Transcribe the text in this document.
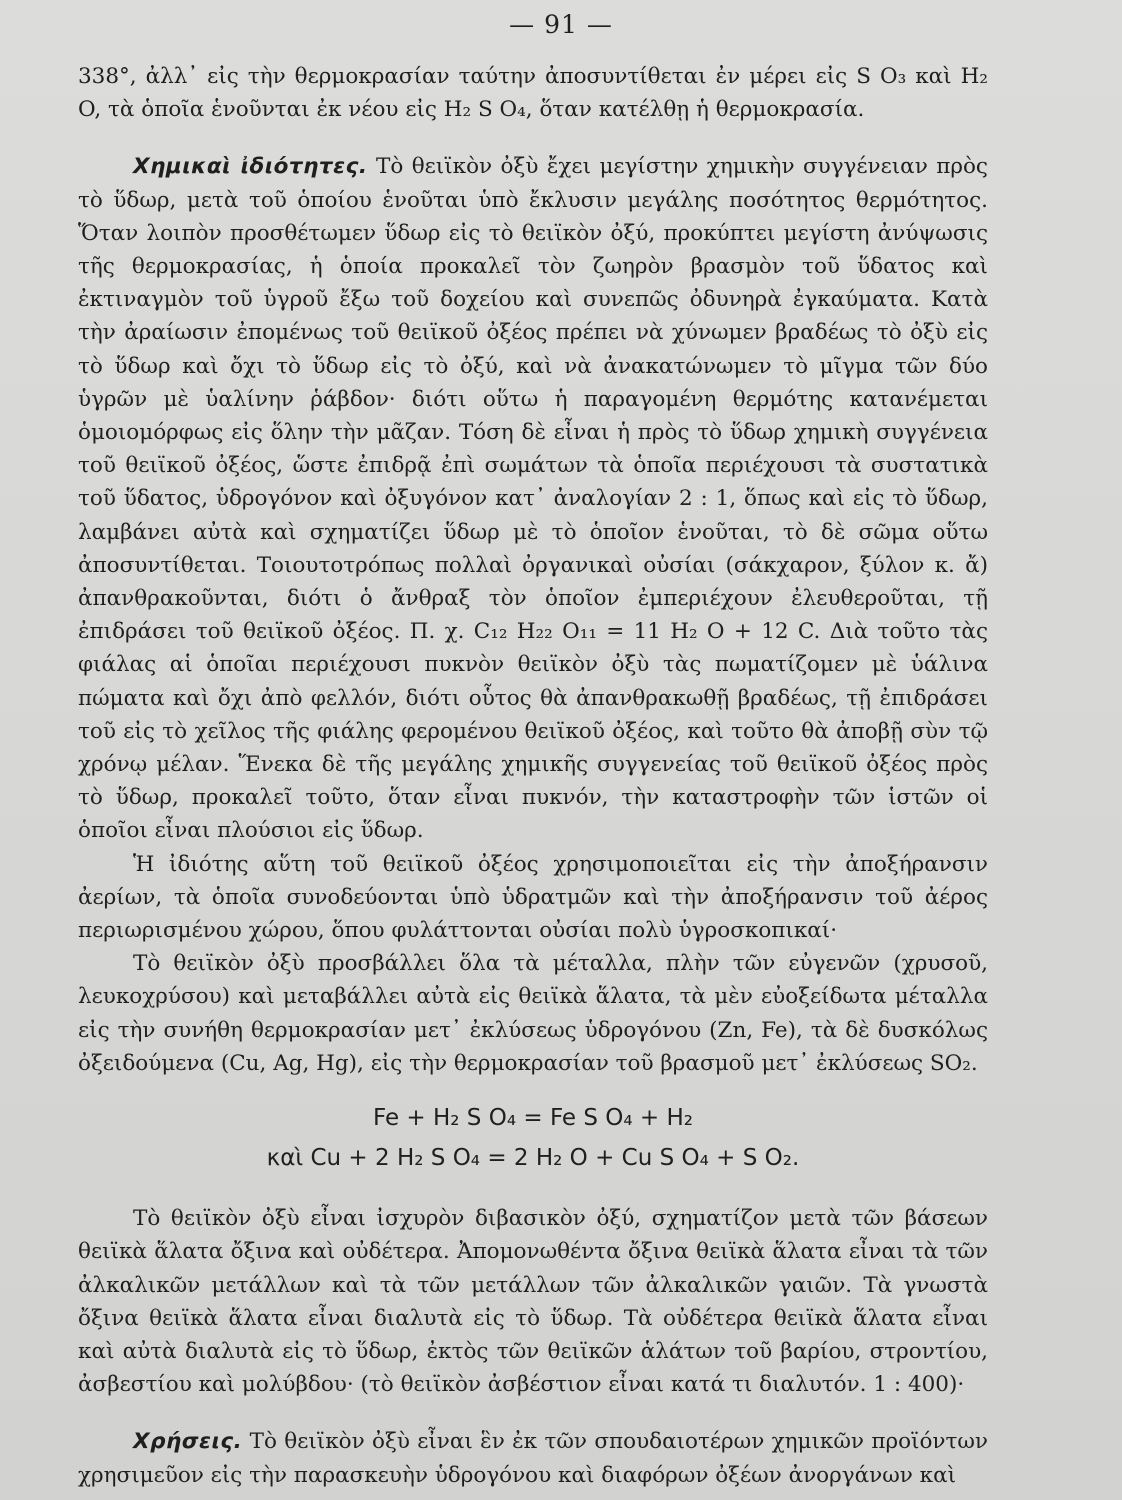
— 91 —

338°, ἀλλ᾽ εἰς τὴν θερμοκρασίαν ταύτην ἀποσυντίθεται ἐν μέρει εἰς S O₃ καὶ H₂ O, τὰ ὁποῖα ἑνοῦνται ἐκ νέου εἰς H₂ S O₄, ὅταν κατέλθῃ ἡ θερμοκρασία.

Χημικαὶ ἰδιότητες. Τὸ θειϊκὸν ὀξὺ ἔχει μεγίστην χημικὴν συγγένειαν πρὸς τὸ ὕδωρ, μετὰ τοῦ ὁποίου ἑνοῦται ὑπὸ ἔκλυσιν μεγάλης ποσότητος θερμότητος. Ὅταν λοιπὸν προσθέτωμεν ὕδωρ εἰς τὸ θειϊκὸν ὀξύ, προκύπτει μεγίστη ἀνύψωσις τῆς θερμοκρασίας, ἡ ὁποία προκαλεῖ τὸν ζωηρὸν βρασμὸν τοῦ ὕδατος καὶ ἐκτιναγμὸν τοῦ ὑγροῦ ἔξω τοῦ δοχείου καὶ συνεπῶς ὀδυνηρὰ ἐγκαύματα. Κατὰ τὴν ἀραίωσιν ἐπομένως τοῦ θειϊκοῦ ὀξέος πρέπει νὰ χύνωμεν βραδέως τὸ ὀξὺ εἰς τὸ ὕδωρ καὶ ὄχι τὸ ὕδωρ εἰς τὸ ὀξύ, καὶ νὰ ἀνακατώνωμεν τὸ μῖγμα τῶν δύο ὑγρῶν μὲ ὑαλίνην ῥάβδον· διότι οὕτω ἡ παραγομένη θερμότης κατανέμεται ὁμοιομόρφως εἰς ὅλην τὴν μᾶζαν. Τόση δὲ εἶναι ἡ πρὸς τὸ ὕδωρ χημικὴ συγγένεια τοῦ θειϊκοῦ ὀξέος, ὥστε ἐπιδρᾷ ἐπὶ σωμάτων τὰ ὁποῖα περιέχουσι τὰ συστατικὰ τοῦ ὕδατος, ὑδρογόνον καὶ ὀξυγόνον κατ᾽ ἀναλογίαν 2 : 1, ὅπως καὶ εἰς τὸ ὕδωρ, λαμβάνει αὐτὰ καὶ σχηματίζει ὕδωρ μὲ τὸ ὁποῖον ἑνοῦται, τὸ δὲ σῶμα οὕτω ἀποσυντίθεται. Τοιουτοτρόπως πολλαὶ ὀργανικαὶ οὐσίαι (σάκχαρον, ξύλον κ. ἄ) ἀπανθρακοῦνται, διότι ὁ ἄνθραξ τὸν ὁποῖον ἐμπεριέχουν ἐλευθεροῦται, τῇ ἐπιδράσει τοῦ θειϊκοῦ ὀξέος. Π. χ. C₁₂ H₂₂ O₁₁ = 11 H₂ O + 12 C. Διὰ τοῦτο τὰς φιάλας αἱ ὁποῖαι περιέχουσι πυκνὸν θειϊκὸν ὀξὺ τὰς πωματίζομεν μὲ ὑάλινα πώματα καὶ ὄχι ἀπὸ φελλόν, διότι οὗτος θὰ ἀπανθρακωθῇ βραδέως, τῇ ἐπιδράσει τοῦ εἰς τὸ χεῖλος τῆς φιάλης φερομένου θειϊκοῦ ὀξέος, καὶ τοῦτο θὰ ἀποβῇ σὺν τῷ χρόνῳ μέλαν. Ἕνεκα δὲ τῆς μεγάλης χημικῆς συγγενείας τοῦ θειϊκοῦ ὀξέος πρὸς τὸ ὕδωρ, προκαλεῖ τοῦτο, ὅταν εἶναι πυκνόν, τὴν καταστροφὴν τῶν ἱστῶν οἱ ὁποῖοι εἶναι πλούσιοι εἰς ὕδωρ.

Ἡ ἰδιότης αὕτη τοῦ θειϊκοῦ ὀξέος χρησιμοποιεῖται εἰς τὴν ἀποξήρανσιν ἀερίων, τὰ ὁποῖα συνοδεύονται ὑπὸ ὑδρατμῶν καὶ τὴν ἀποξήρανσιν τοῦ ἀέρος περιωρισμένου χώρου, ὅπου φυλάττονται οὐσίαι πολὺ ὑγροσκοπικαί·

Τὸ θειϊκὸν ὀξὺ προσβάλλει ὅλα τὰ μέταλλα, πλὴν τῶν εὐγενῶν (χρυσοῦ, λευκοχρύσου) καὶ μεταβάλλει αὐτὰ εἰς θειϊκὰ ἅλατα, τὰ μὲν εὐοξείδωτα μέταλλα εἰς τὴν συνήθη θερμοκρασίαν μετ᾽ ἐκλύσεως ὑδρογόνου (Zn, Fe), τὰ δὲ δυσκόλως ὀξειδούμενα (Cu, Ag, Hg), εἰς τὴν θερμοκρασίαν τοῦ βρασμοῦ μετ᾽ ἐκλύσεως SO₂.

Fe + H₂ S O₄ = Fe S O₄ + H₂
καὶ Cu + 2 H₂ S O₄ = 2 H₂ O + Cu S O₄ + S O₂.

Τὸ θειϊκὸν ὀξὺ εἶναι ἰσχυρὸν διβασικὸν ὀξύ, σχηματίζον μετὰ τῶν βάσεων θειϊκὰ ἅλατα ὄξινα καὶ οὐδέτερα. Ἀπομονωθέντα ὄξινα θειϊκὰ ἅλατα εἶναι τὰ τῶν ἀλκαλικῶν μετάλλων καὶ τὰ τῶν μετάλλων τῶν ἀλκαλικῶν γαιῶν. Τὰ γνωστὰ ὄξινα θειϊκὰ ἅλατα εἶναι διαλυτὰ εἰς τὸ ὕδωρ. Τὰ οὐδέτερα θειϊκὰ ἅλατα εἶναι καὶ αὐτὰ διαλυτὰ εἰς τὸ ὕδωρ, ἐκτὸς τῶν θειϊκῶν ἁλάτων τοῦ βαρίου, στροντίου, ἀσβεστίου καὶ μολύβδου· (τὸ θειϊκὸν ἀσβέστιον εἶναι κατά τι διαλυτόν. 1 : 400)·

Χρήσεις. Τὸ θειϊκὸν ὀξὺ εἶναι ἓν ἐκ τῶν σπουδαιοτέρων χημικῶν προϊόντων χρησιμεῦον εἰς τὴν παρασκευὴν ὑδρογόνου καὶ διαφόρων ὀξέων ἀνοργάνων καὶ
